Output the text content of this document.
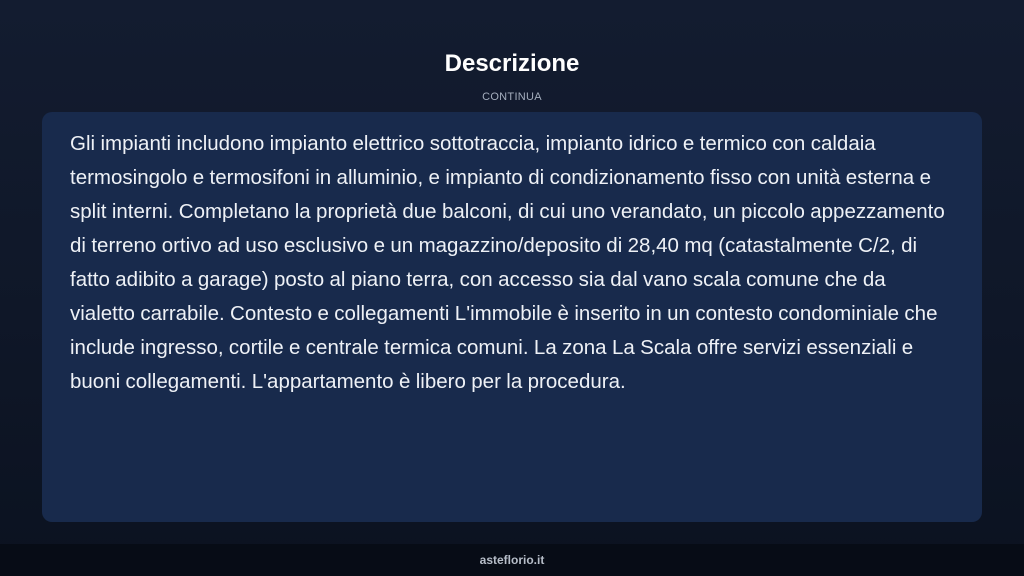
Descrizione
CONTINUA

Gli impianti includono impianto elettrico sottotraccia, impianto idrico e termico con caldaia termosingolo e termosifoni in alluminio, e impianto di condizionamento fisso con unità esterna e split interni. Completano la proprietà due balconi, di cui uno verandato, un piccolo appezzamento di terreno ortivo ad uso esclusivo e un magazzino/deposito di 28,40 mq (catastalmente C/2, di fatto adibito a garage) posto al piano terra, con accesso sia dal vano scala comune che da vialetto carrabile. Contesto e collegamenti L'immobile è inserito in un contesto condominiale che include ingresso, cortile e centrale termica comuni. La zona La Scala offre servizi essenziali e buoni collegamenti. L'appartamento è libero per la procedura.

asteflorio.it
